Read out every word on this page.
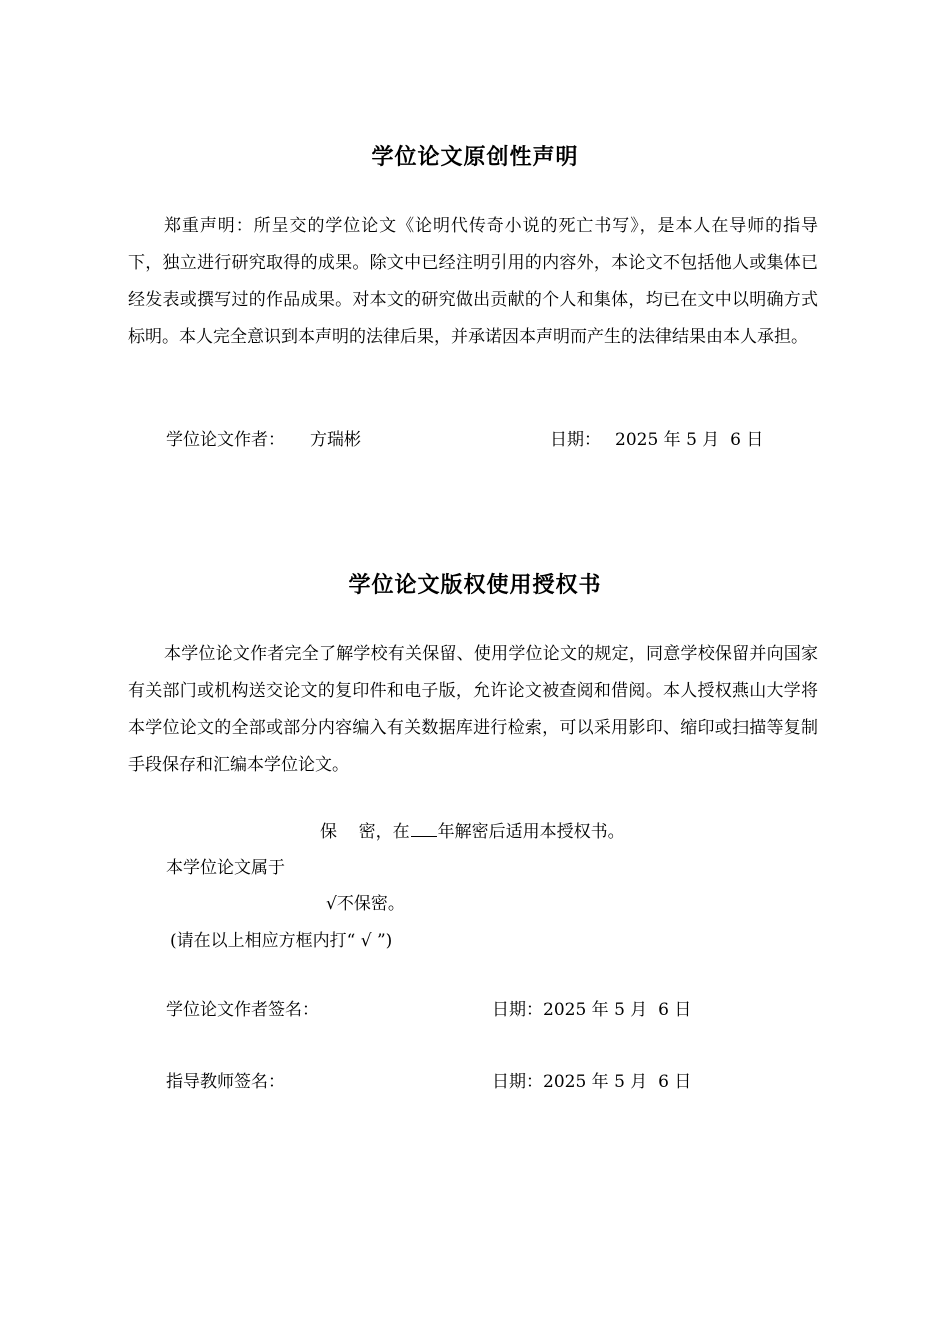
学位论文原创性声明

郑重声明：所呈交的学位论文《论明代传奇小说的死亡书写》，是本人在导师的指导下，独立进行研究取得的成果。除文中已经注明引用的内容外，本论文不包括他人或集体已经发表或撰写过的作品成果。对本文的研究做出贡献的个人和集体，均已在文中以明确方式标明。本人完全意识到本声明的法律后果，并承诺因本声明而产生的法律结果由本人承担。

学位论文作者： 方瑞彬	日期： 2025 年 5 月  6 日
学位论文版权使用授权书

本学位论文作者完全了解学校有关保留、使用学位论文的规定，同意学校保留并向国家有关部门或机构送交论文的复印件和电子版，允许论文被查阅和借阅。本人授权燕山大学将本学位论文的全部或部分内容编入有关数据库进行检索，可以采用影印、缩印或扫描等复制手段保存和汇编本学位论文。

保    密，在 年解密后适用本授权书。
本学位论文属于
√不保密。
(请在以上相应方框内打“ √ ”)
学位论文作者签名：	日期：2025 年 5 月  6 日
指导教师签名：	日期：2025 年 5 月  6 日
